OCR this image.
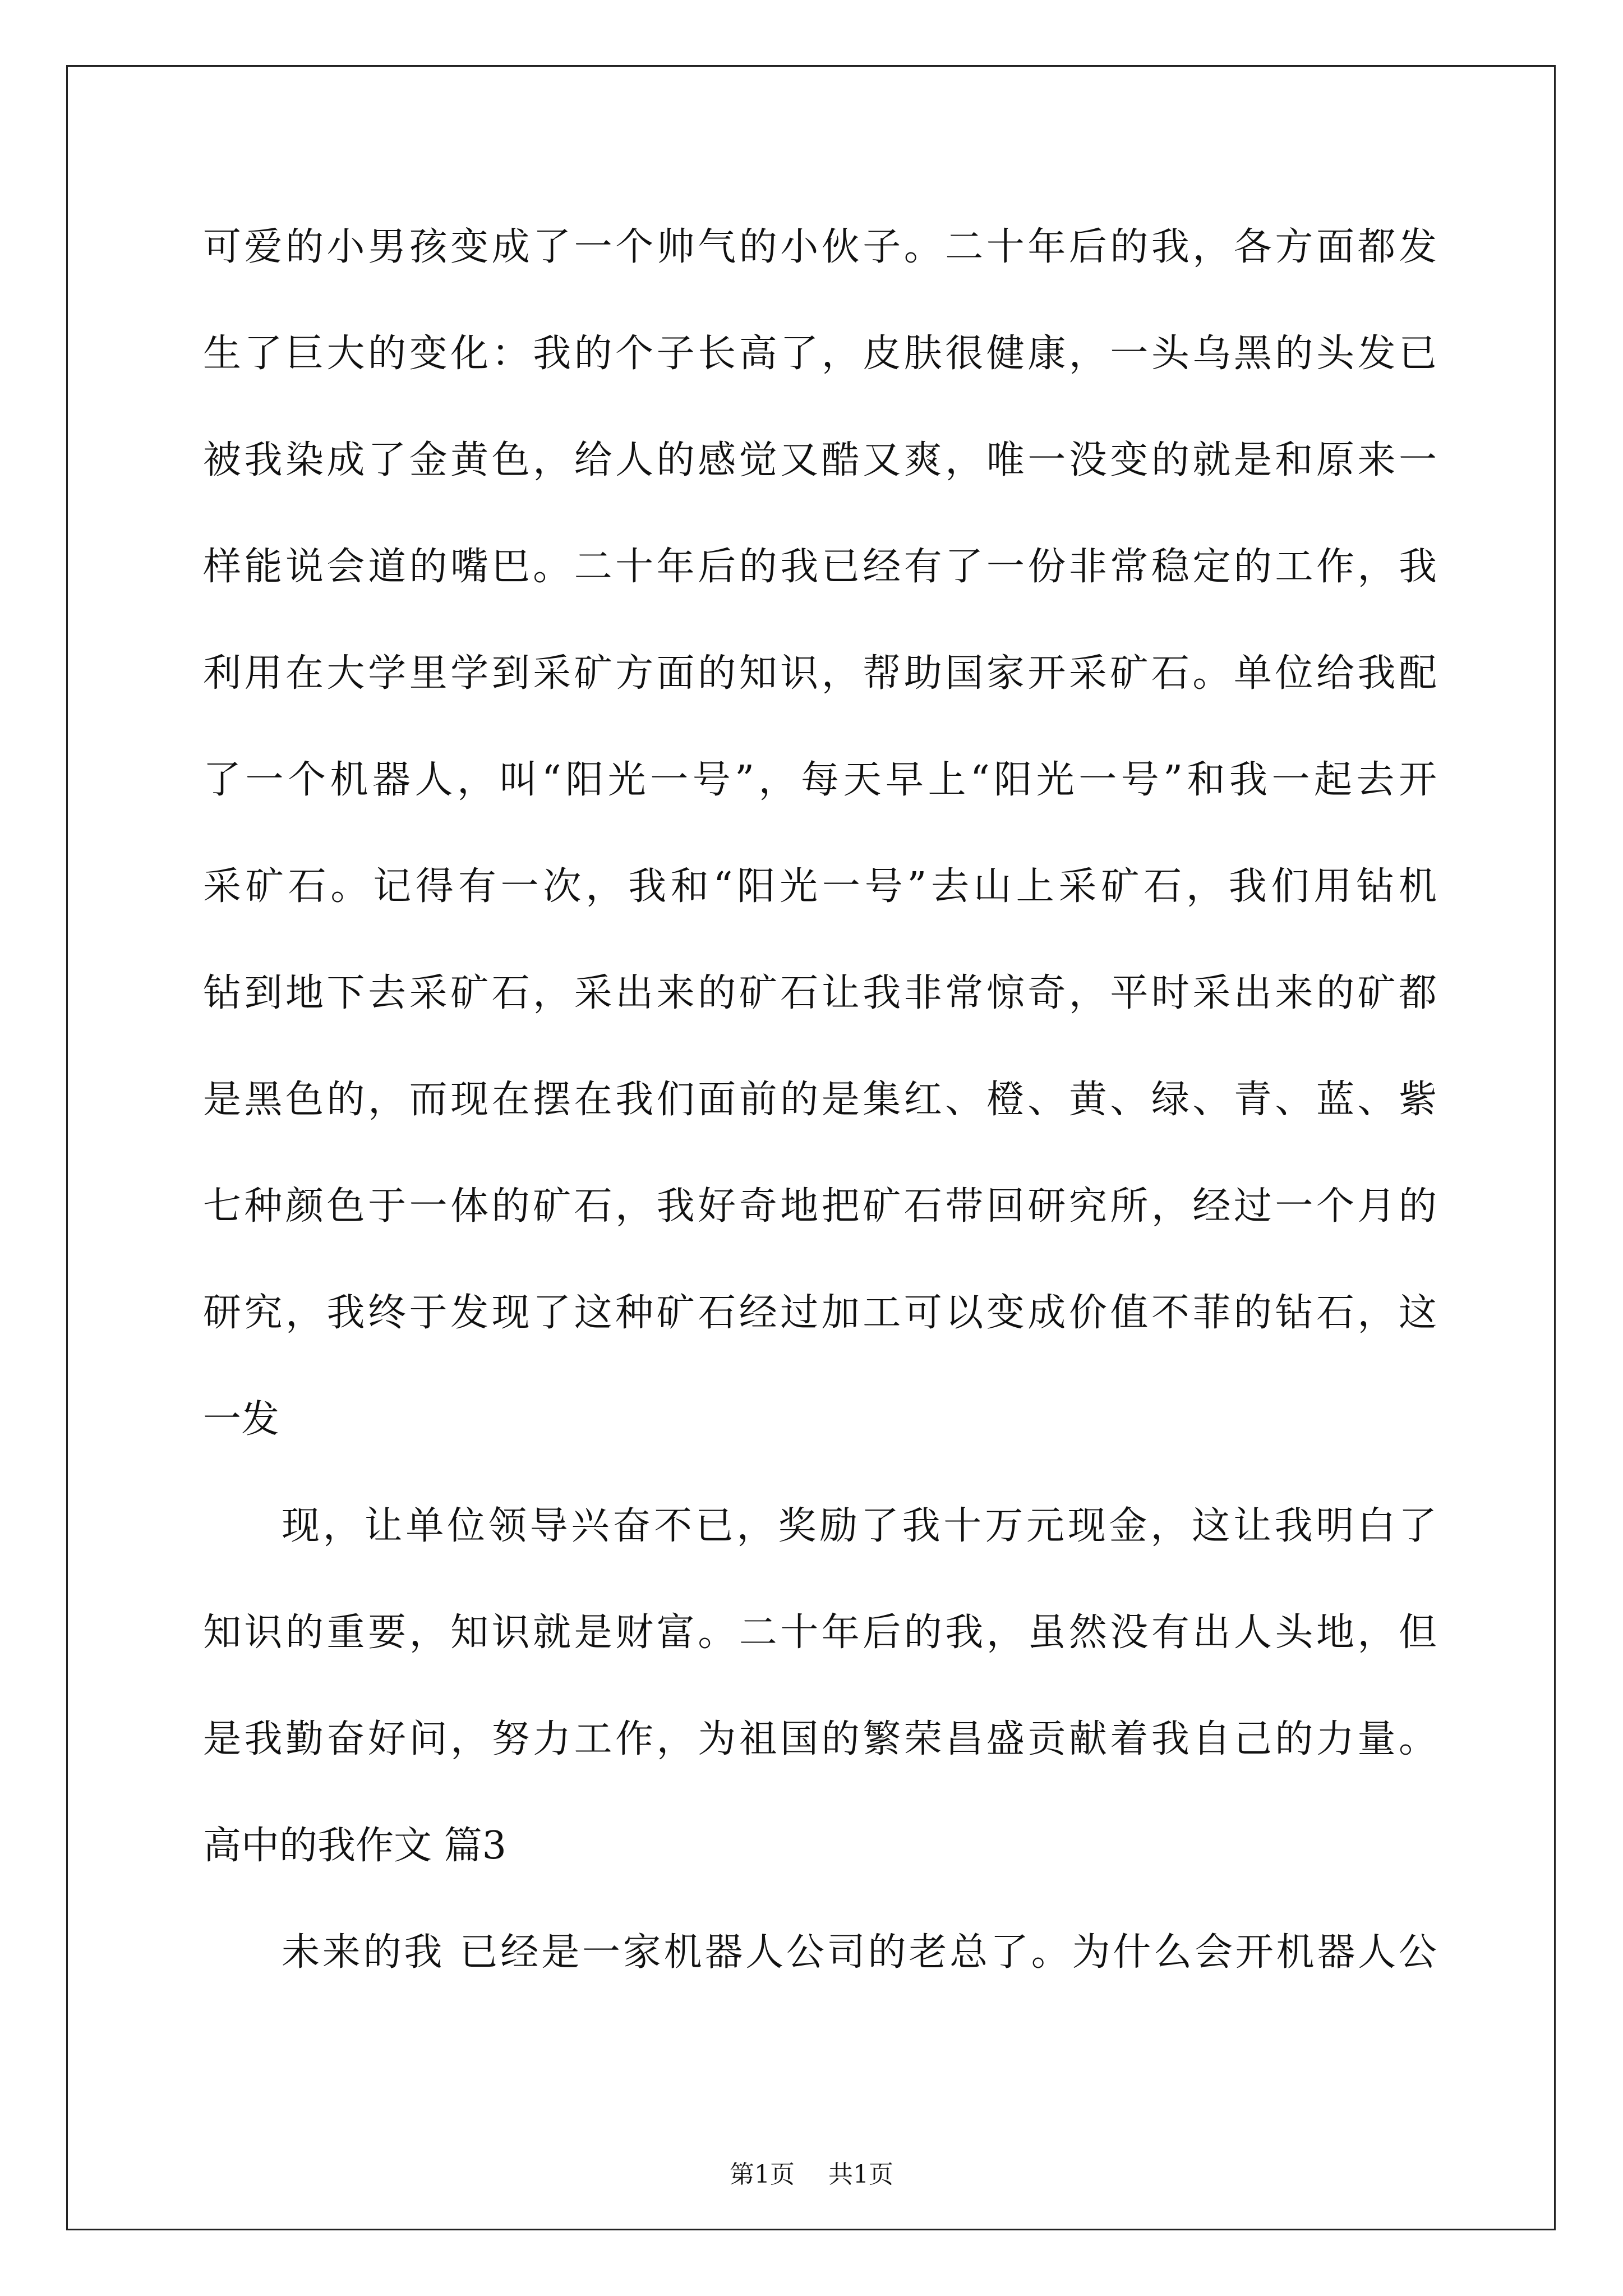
可爱的小男孩变成了一个帅气的小伙子。二十年后的我，各方面都发
生了巨大的变化：我的个子长高了，皮肤很健康，一头乌黑的头发已
被我染成了金黄色，给人的感觉又酷又爽，唯一没变的就是和原来一
样能说会道的嘴巴。二十年后的我已经有了一份非常稳定的工作，我
利用在大学里学到采矿方面的知识，帮助国家开采矿石。单位给我配
了一个机器人，叫“阳光一号”，每天早上“阳光一号”和我一起去开
采矿石。记得有一次，我和“阳光一号”去山上采矿石，我们用钻机
钻到地下去采矿石，采出来的矿石让我非常惊奇，平时采出来的矿都
是黑色的，而现在摆在我们面前的是集红、橙、黄、绿、青、蓝、紫
七种颜色于一体的矿石，我好奇地把矿石带回研究所，经过一个月的
研究，我终于发现了这种矿石经过加工可以变成价值不菲的钻石，这
一发
现，让单位领导兴奋不已，奖励了我十万元现金，这让我明白了
知识的重要，知识就是财富。二十年后的我，虽然没有出人头地，但
是我勤奋好问，努力工作，为祖国的繁荣昌盛贡献着我自己的力量。
高中的我作文 篇3
未来的我 已经是一家机器人公司的老总了。为什么会开机器人公
第1页 共1页
